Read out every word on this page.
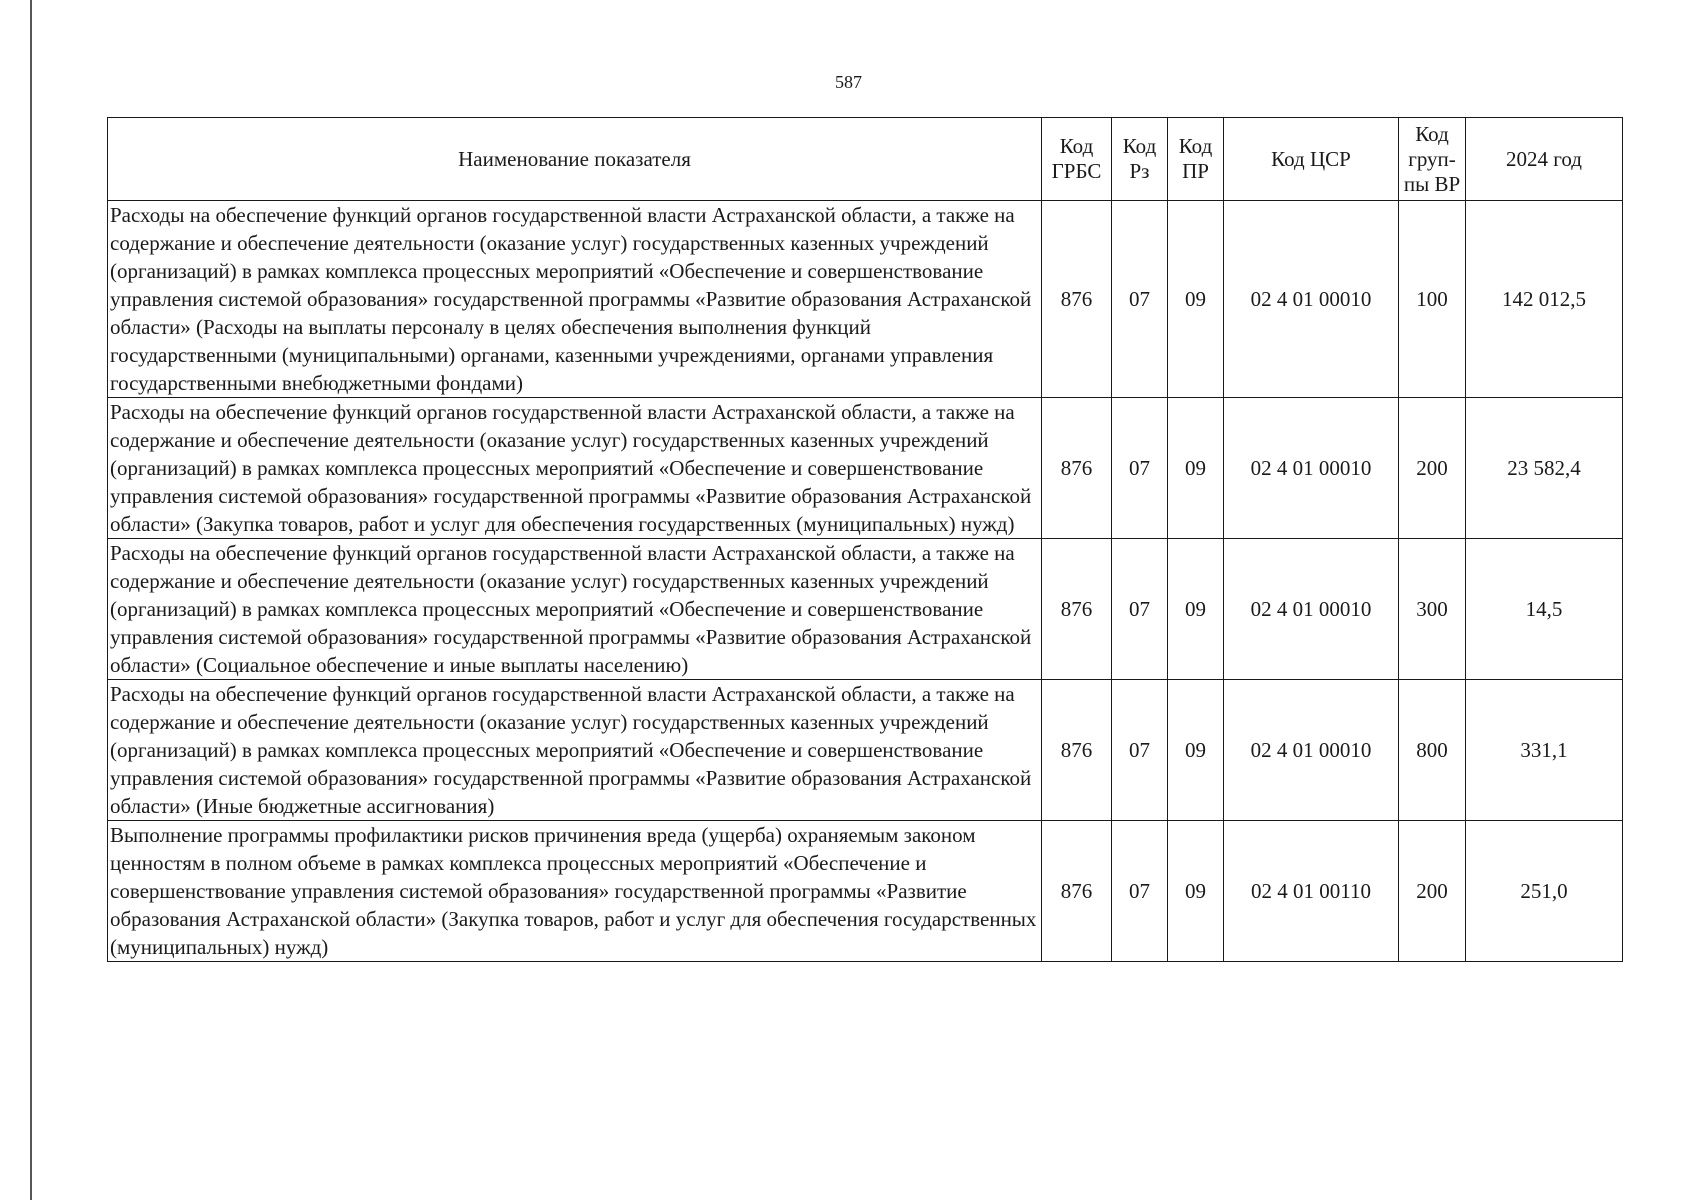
587
Наименование показателя	Код ГРБС	Код Рз	Код ПР	Код ЦСР	Код груп-пы ВР	2024 год
Расходы на обеспечение функций органов государственной власти Астраханской области, а также на содержание и обеспечение деятельности (оказание услуг) государственных казенных учреждений (организаций) в рамках комплекса процессных мероприятий «Обеспечение и совершенствование управления системой образования» государственной программы «Развитие образования Астраханской области» (Расходы на выплаты персоналу в целях обеспечения выполнения функций государственными (муниципальными) органами, казенными учреждениями, органами управления государственными внебюджетными фондами)	876	07	09	02 4 01 00010	100	142 012,5
Расходы на обеспечение функций органов государственной власти Астраханской области, а также на содержание и обеспечение деятельности (оказание услуг) государственных казенных учреждений (организаций) в рамках комплекса процессных мероприятий «Обеспечение и совершенствование управления системой образования» государственной программы «Развитие образования Астраханской области» (Закупка товаров, работ и услуг для обеспечения государственных (муниципальных) нужд)	876	07	09	02 4 01 00010	200	23 582,4
Расходы на обеспечение функций органов государственной власти Астраханской области, а также на содержание и обеспечение деятельности (оказание услуг) государственных казенных учреждений (организаций) в рамках комплекса процессных мероприятий «Обеспечение и совершенствование управления системой образования» государственной программы «Развитие образования Астраханской области» (Социальное обеспечение и иные выплаты населению)	876	07	09	02 4 01 00010	300	14,5
Расходы на обеспечение функций органов государственной власти Астраханской области, а также на содержание и обеспечение деятельности (оказание услуг) государственных казенных учреждений (организаций) в рамках комплекса процессных мероприятий «Обеспечение и совершенствование управления системой образования» государственной программы «Развитие образования Астраханской области» (Иные бюджетные ассигнования)	876	07	09	02 4 01 00010	800	331,1
Выполнение программы профилактики рисков причинения вреда (ущерба) охраняемым законом ценностям в полном объеме в рамках комплекса процессных мероприятий «Обеспечение и совершенствование управления системой образования» государственной программы «Развитие образования Астраханской области» (Закупка товаров, работ и услуг для обеспечения государственных (муниципальных) нужд)	876	07	09	02 4 01 00110	200	251,0
